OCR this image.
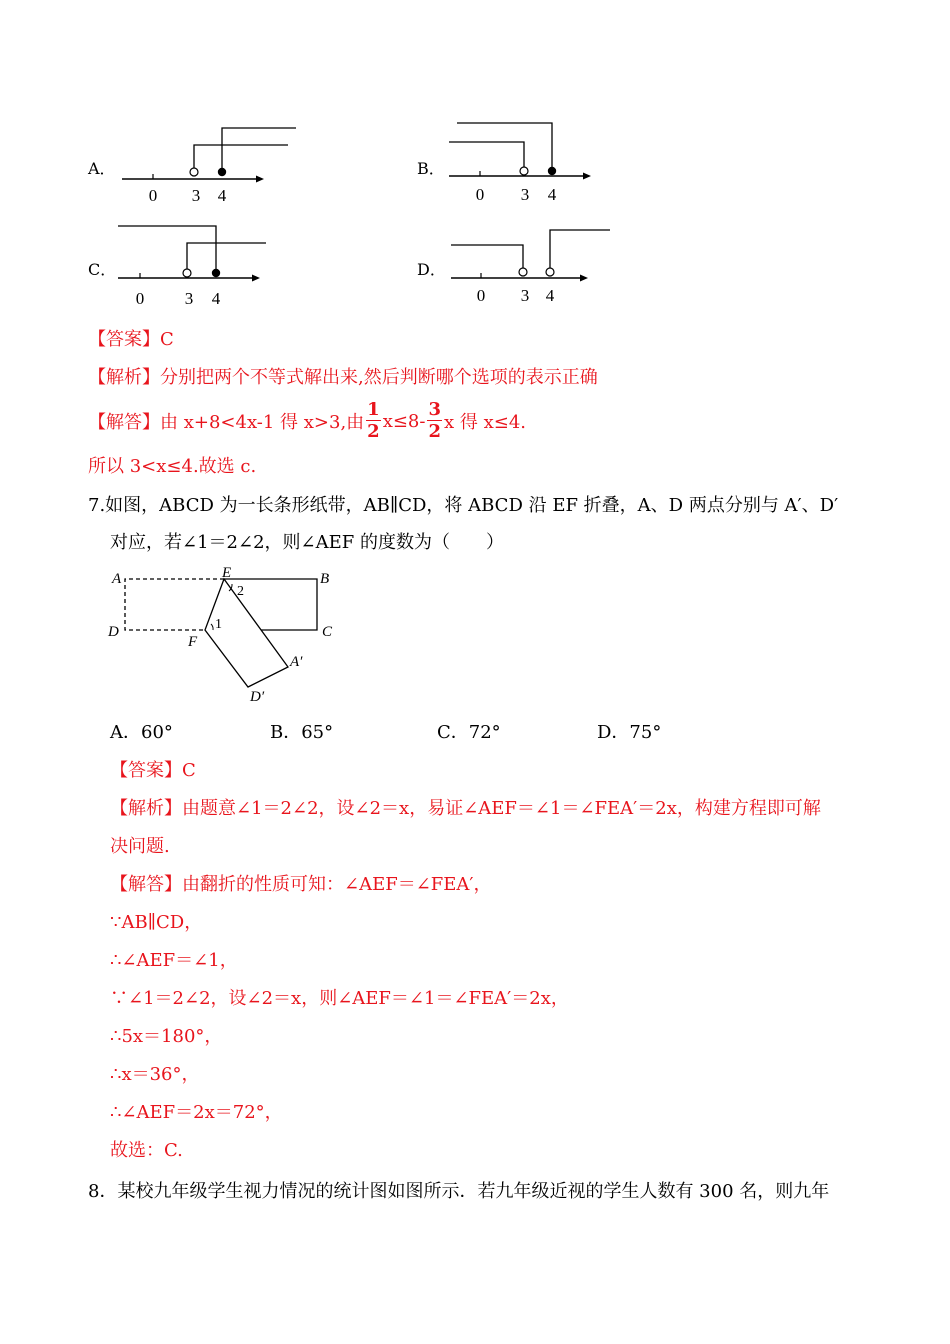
A．
0 3 4
B．
0 3 4
C．
0 3 4
D．
0 3 4
【答案】C
【解析】分别把两个不等式解出来,然后判断哪个选项的表示正确
【解答】由 x+8<4x-1 得 x>3,由 $\frac{1}{2} x\le 8- \frac{3}{2}$ x 得 x≤4.
所以 3<x≤4.故选 c.
7.如图，ABCD 为一长条形纸带，AB∥CD，将 ABCD 沿 EF 折叠，A、D 两点分别与 A′、D′
对应，若∠1＝2∠2，则∠AEF 的度数为（　　）
A	B
C
D
E
F
A′
D′
2
1
A．60°	B．65°	C．72°	D．75°
【答案】C
【解析】由题意∠1＝2∠2，设∠2＝x，易证∠AEF＝∠1＝∠FEA′＝2x，构建方程即可解
决问题.
【解答】由翻折的性质可知：∠AEF＝∠FEA′，
∵AB∥CD，
∴∠AEF＝∠1，
∵∠1＝2∠2，设∠2＝x，则∠AEF＝∠1＝∠FEA′＝2x，
∴5x＝180°，
∴x＝36°，
∴∠AEF＝2x＝72°，
故选：C.
8．某校九年级学生视力情况的统计图如图所示．若九年级近视的学生人数有 300 名，则九年
